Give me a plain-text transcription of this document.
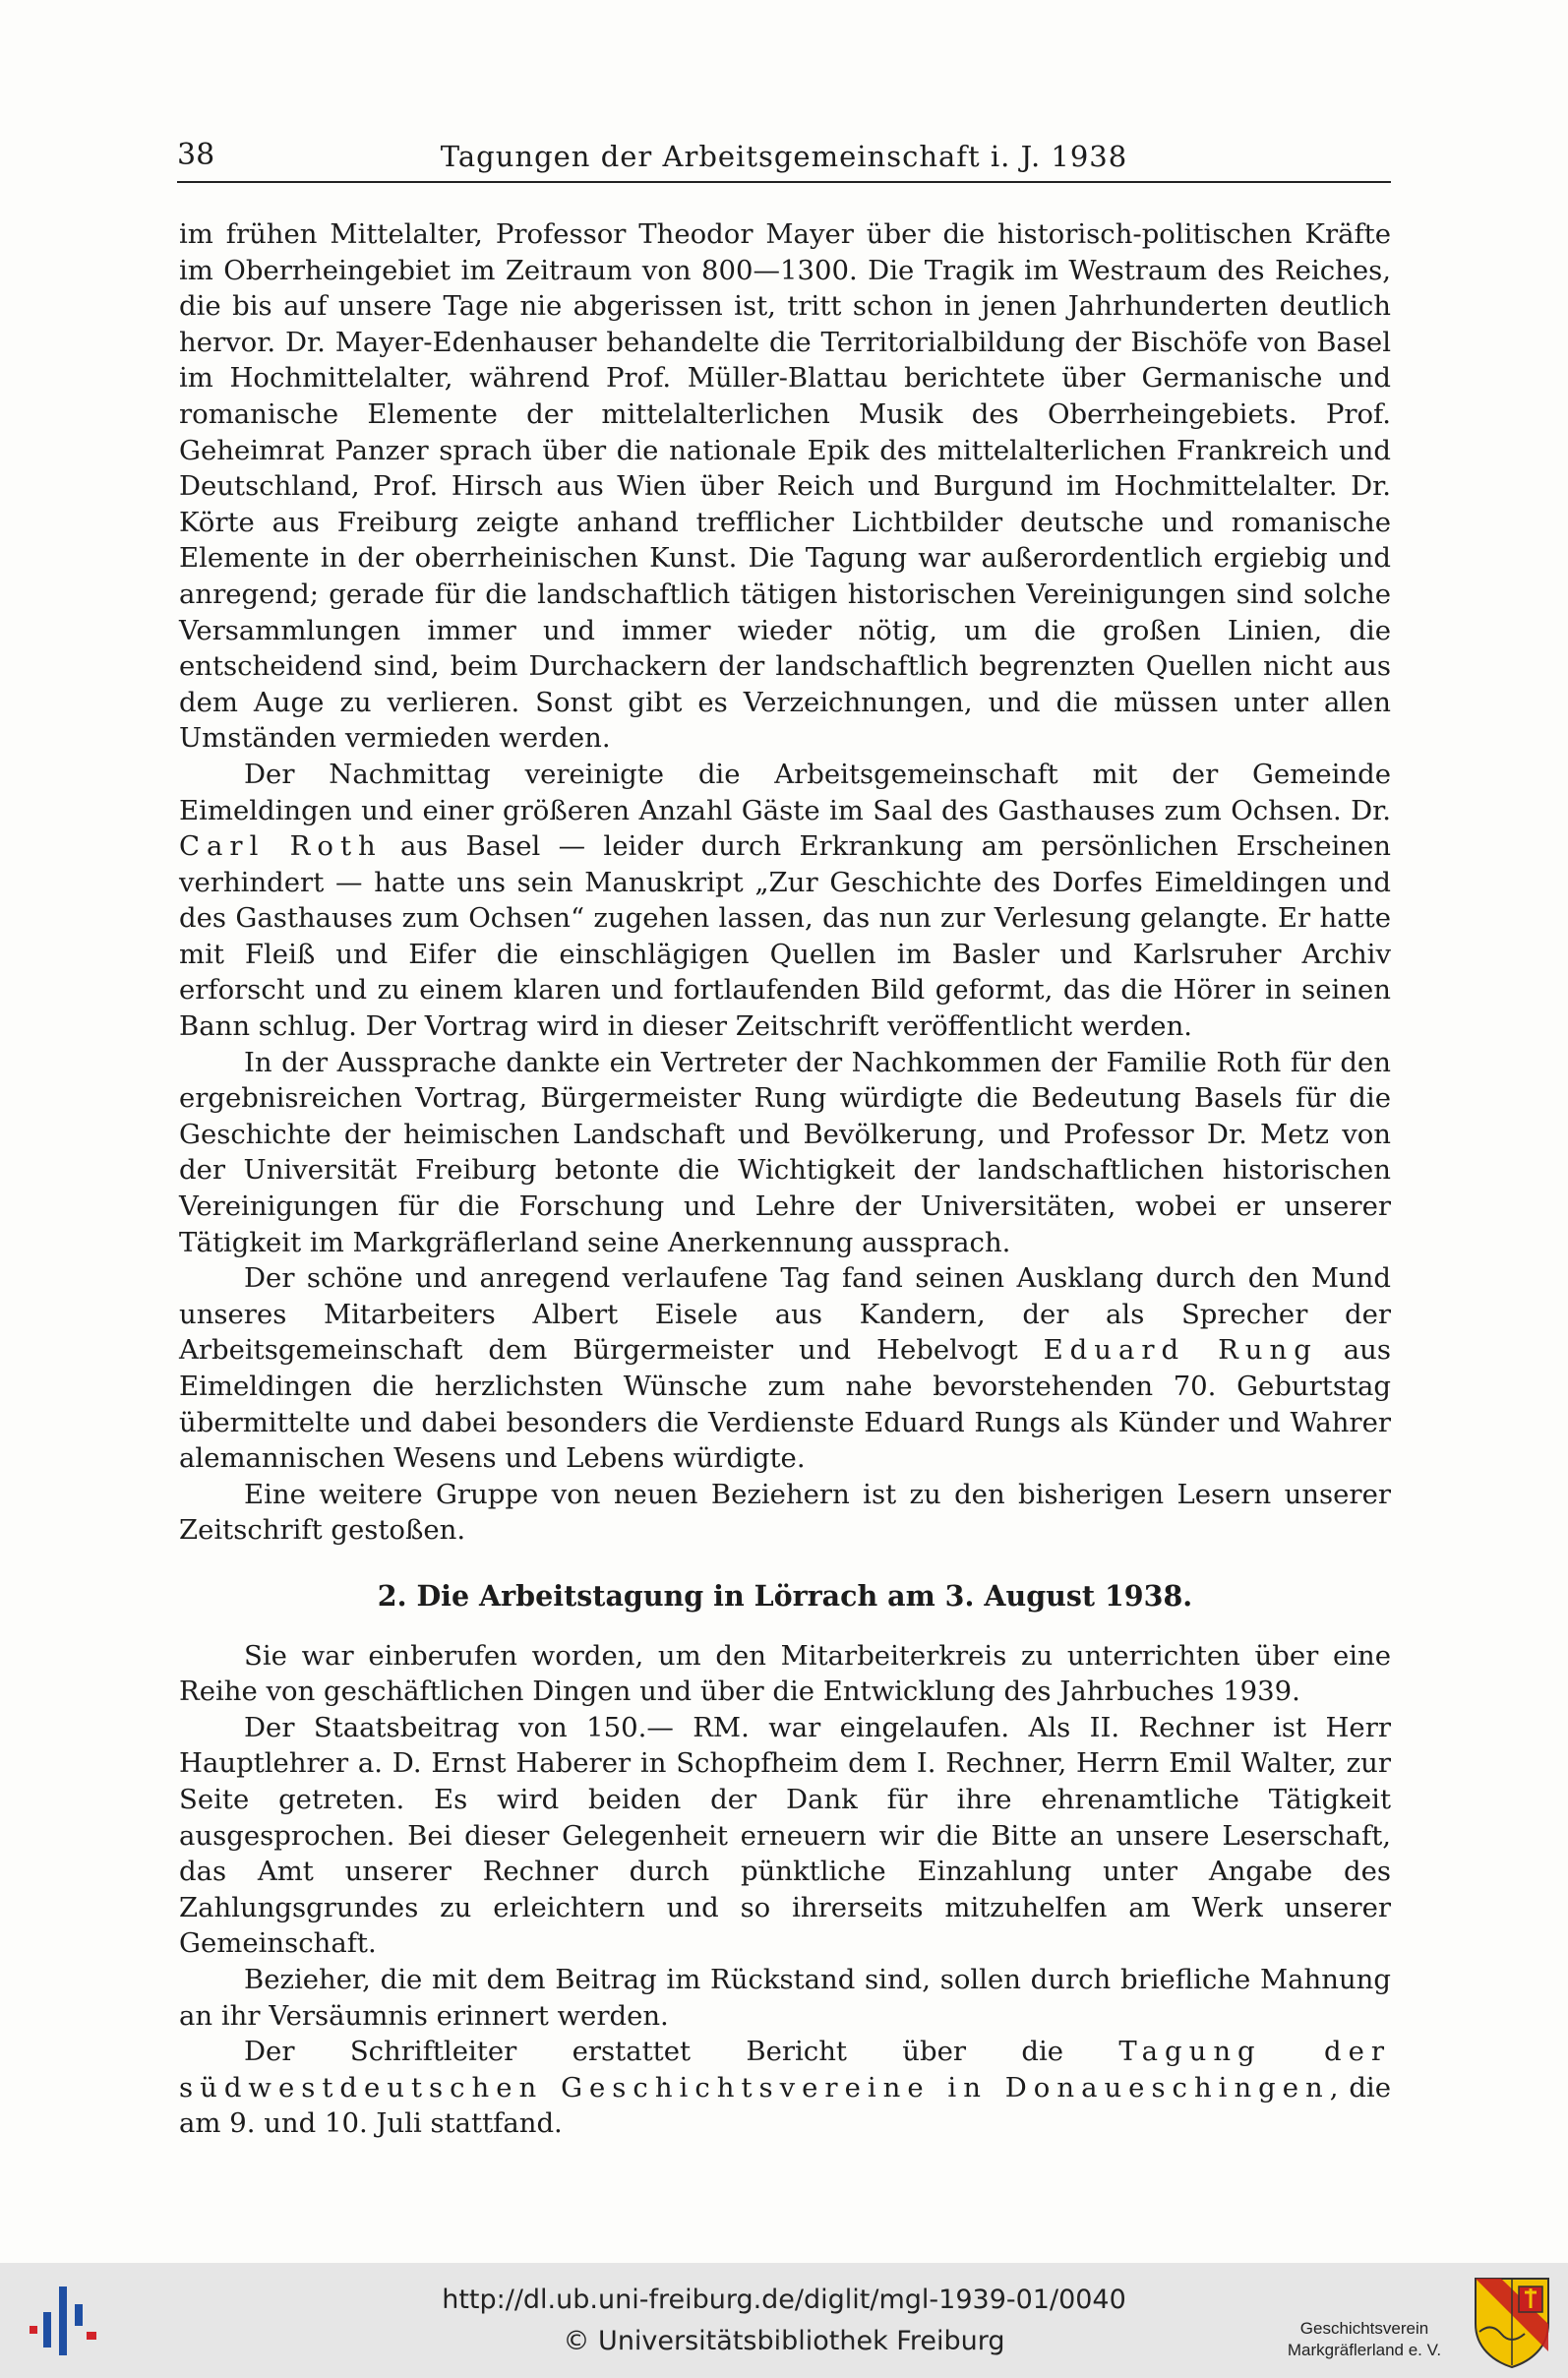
38	Tagungen der Arbeitsgemeinschaft i. J. 1938

im frühen Mittelalter, Professor Theodor Mayer über die historisch-politischen Kräfte im Oberrheingebiet im Zeitraum von 800—1300. Die Tragik im Westraum des Reiches, die bis auf unsere Tage nie abgerissen ist, tritt schon in jenen Jahrhunderten deutlich hervor. Dr. Mayer-Edenhauser behandelte die Territorialbildung der Bischöfe von Basel im Hochmittelalter, während Prof. Müller-Blattau berichtete über Germanische und romanische Elemente der mittelalterlichen Musik des Oberrheingebiets. Prof. Geheimrat Panzer sprach über die nationale Epik des mittelalterlichen Frankreich und Deutschland, Prof. Hirsch aus Wien über Reich und Burgund im Hochmittelalter. Dr. Körte aus Freiburg zeigte anhand trefflicher Lichtbilder deutsche und romanische Elemente in der oberrheinischen Kunst. Die Tagung war außerordentlich ergiebig und anregend; gerade für die landschaftlich tätigen historischen Vereinigungen sind solche Versammlungen immer und immer wieder nötig, um die großen Linien, die entscheidend sind, beim Durchackern der landschaftlich begrenzten Quellen nicht aus dem Auge zu verlieren. Sonst gibt es Verzeichnungen, und die müssen unter allen Umständen vermieden werden.

Der Nachmittag vereinigte die Arbeitsgemeinschaft mit der Gemeinde Eimeldingen und einer größeren Anzahl Gäste im Saal des Gasthauses zum Ochsen. Dr. Carl Roth aus Basel — leider durch Erkrankung am persönlichen Erscheinen verhindert — hatte uns sein Manuskript „Zur Geschichte des Dorfes Eimeldingen und des Gasthauses zum Ochsen“ zugehen lassen, das nun zur Verlesung gelangte. Er hatte mit Fleiß und Eifer die einschlägigen Quellen im Basler und Karlsruher Archiv erforscht und zu einem klaren und fortlaufenden Bild geformt, das die Hörer in seinen Bann schlug. Der Vortrag wird in dieser Zeitschrift veröffentlicht werden.

In der Aussprache dankte ein Vertreter der Nachkommen der Familie Roth für den ergebnisreichen Vortrag, Bürgermeister Rung würdigte die Bedeutung Basels für die Geschichte der heimischen Landschaft und Bevölkerung, und Professor Dr. Metz von der Universität Freiburg betonte die Wichtigkeit der landschaftlichen historischen Vereinigungen für die Forschung und Lehre der Universitäten, wobei er unserer Tätigkeit im Markgräflerland seine Anerkennung aussprach.

Der schöne und anregend verlaufene Tag fand seinen Ausklang durch den Mund unseres Mitarbeiters Albert Eisele aus Kandern, der als Sprecher der Arbeitsgemeinschaft dem Bürgermeister und Hebelvogt Eduard Rung aus Eimeldingen die herzlichsten Wünsche zum nahe bevorstehenden 70. Geburtstag übermittelte und dabei besonders die Verdienste Eduard Rungs als Künder und Wahrer alemannischen Wesens und Lebens würdigte.

Eine weitere Gruppe von neuen Beziehern ist zu den bisherigen Lesern unserer Zeitschrift gestoßen.

2. Die Arbeitstagung in Lörrach am 3. August 1938.

Sie war einberufen worden, um den Mitarbeiterkreis zu unterrichten über eine Reihe von geschäftlichen Dingen und über die Entwicklung des Jahrbuches 1939.

Der Staatsbeitrag von 150.— RM. war eingelaufen. Als II. Rechner ist Herr Hauptlehrer a. D. Ernst Haberer in Schopfheim dem I. Rechner, Herrn Emil Walter, zur Seite getreten. Es wird beiden der Dank für ihre ehrenamtliche Tätigkeit ausgesprochen. Bei dieser Gelegenheit erneuern wir die Bitte an unsere Leserschaft, das Amt unserer Rechner durch pünktliche Einzahlung unter Angabe des Zahlungsgrundes zu erleichtern und so ihrerseits mitzuhelfen am Werk unserer Gemeinschaft.

Bezieher, die mit dem Beitrag im Rückstand sind, sollen durch briefliche Mahnung an ihr Versäumnis erinnert werden.

Der Schriftleiter erstattet Bericht über die Tagung der südwestdeutschen Geschichtsvereine in Donaueschingen, die am 9. und 10. Juli stattfand.

http://dl.ub.uni-freiburg.de/diglit/mgl-1939-01/0040
© Universitätsbibliothek Freiburg	Geschichtsverein
Markgräflerland e. V.
